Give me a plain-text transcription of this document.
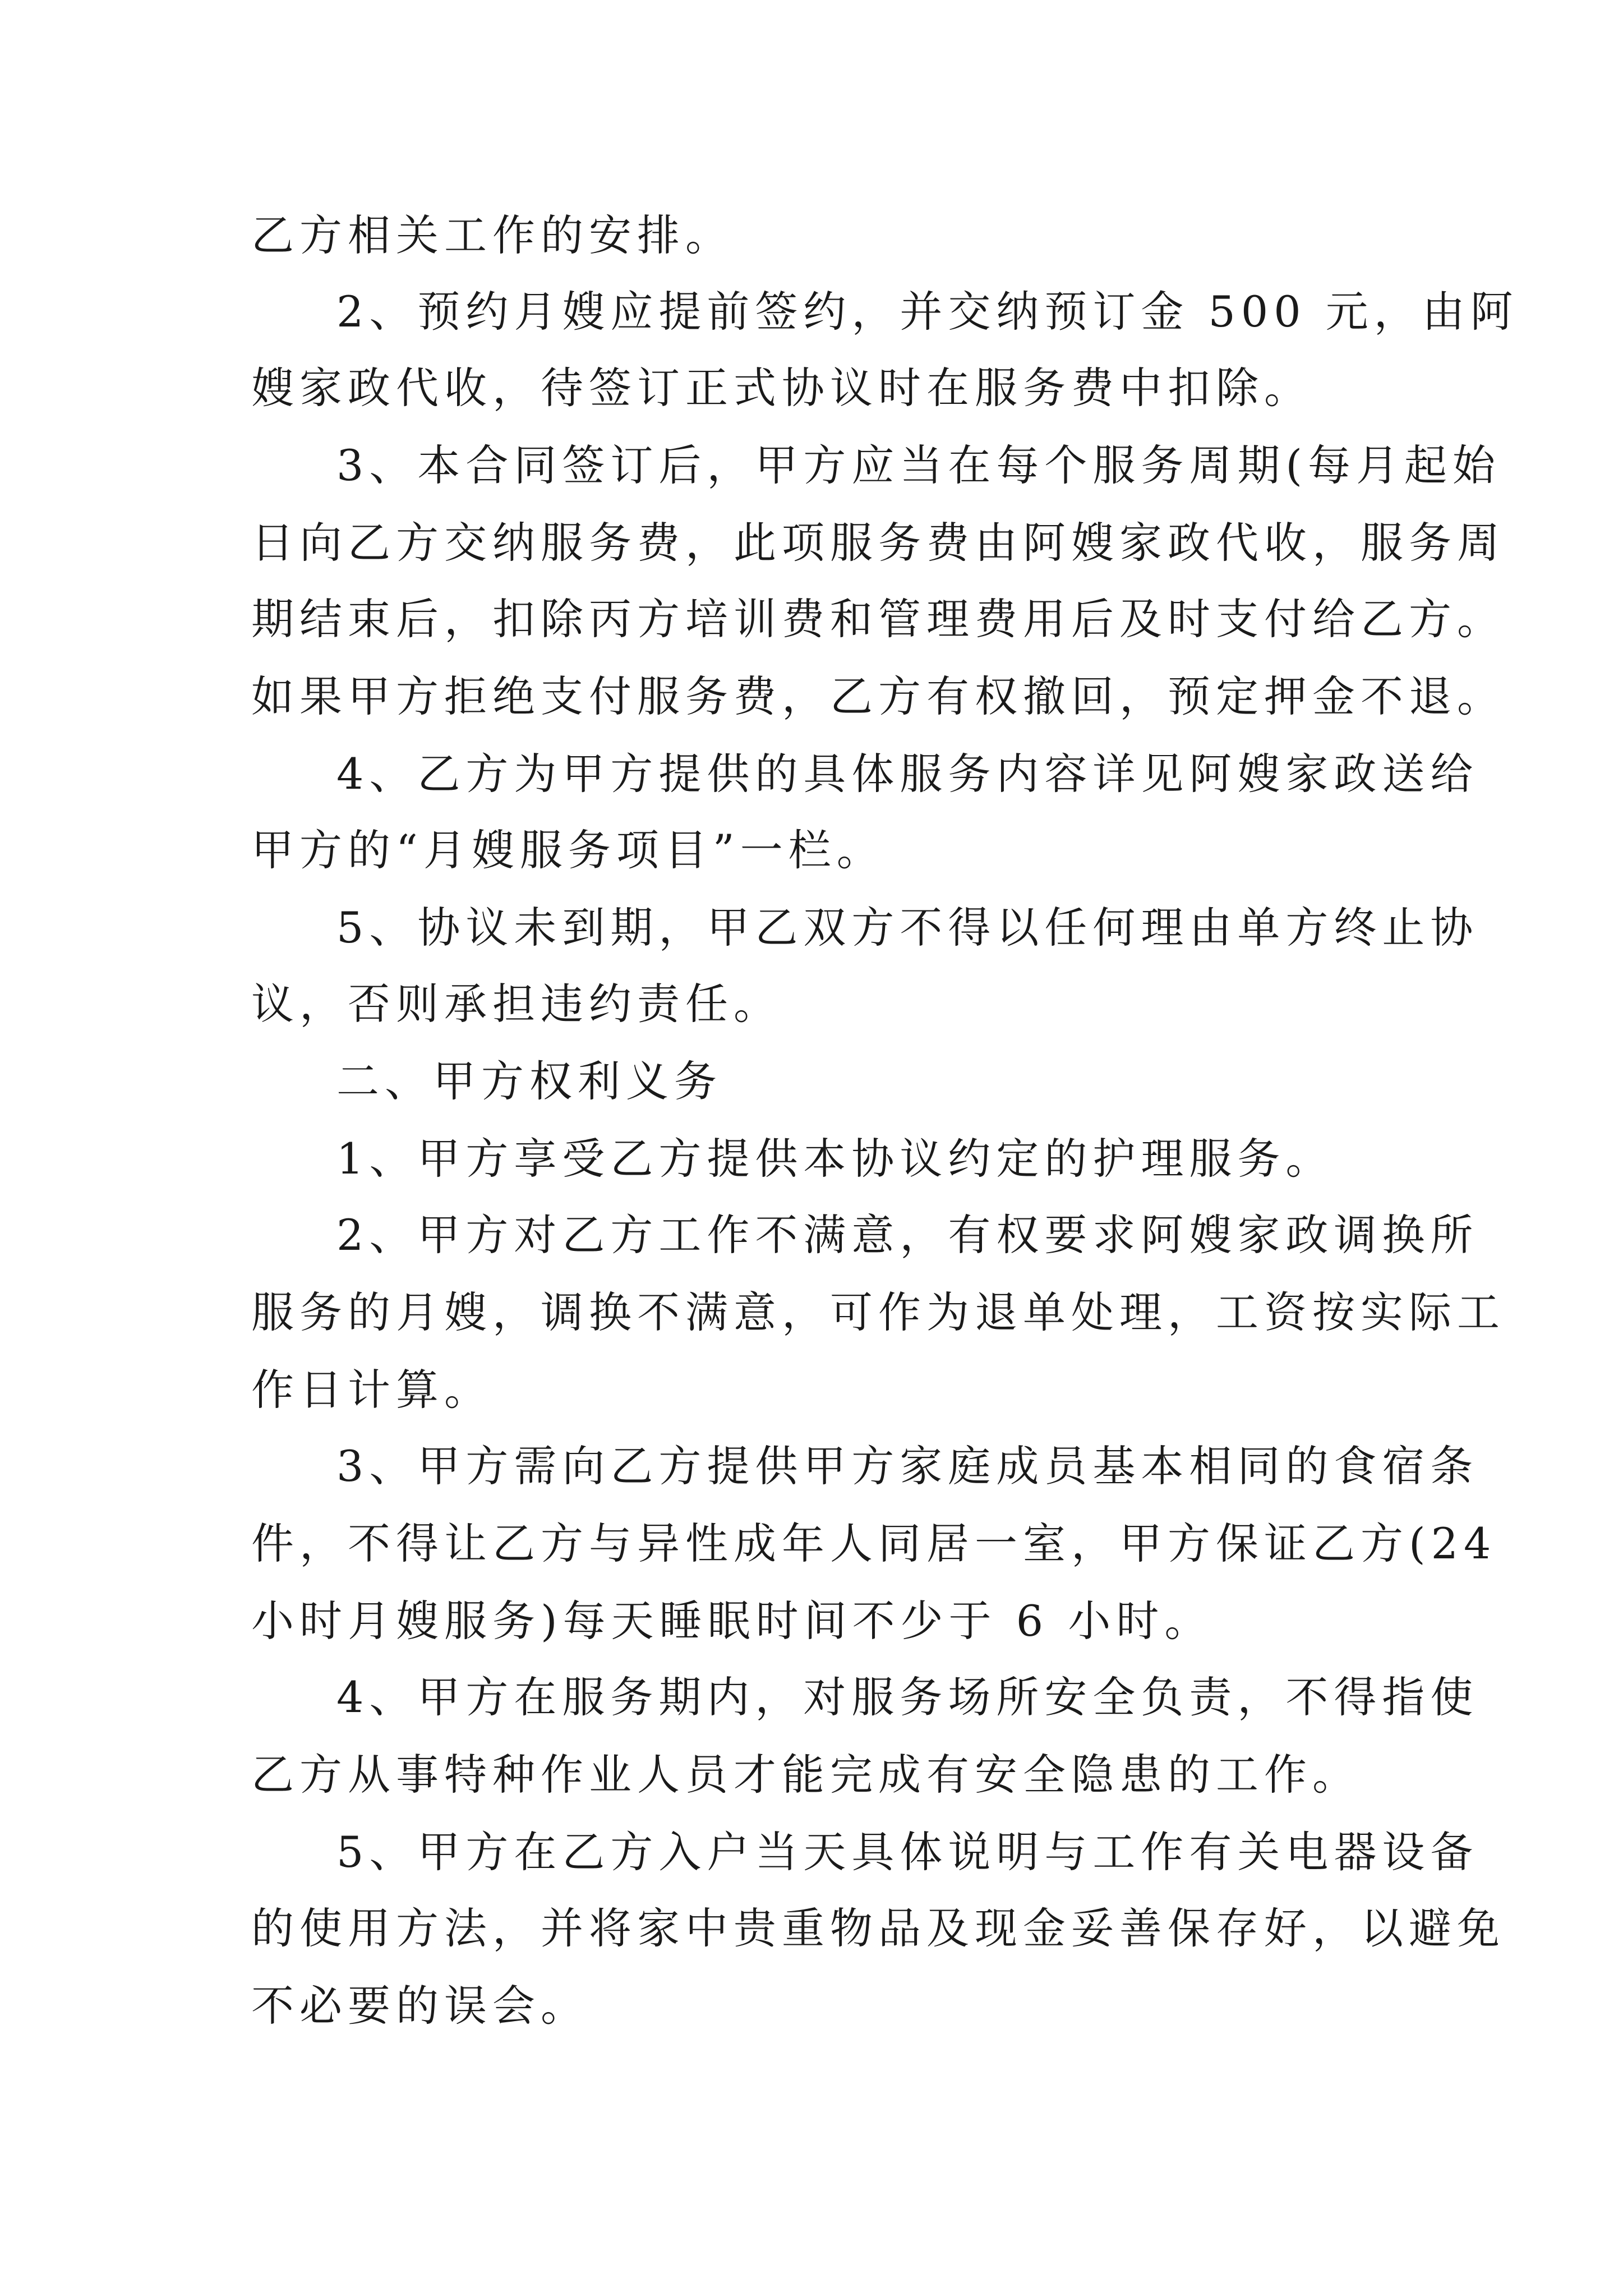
乙方相关工作的安排。

2、预约月嫂应提前签约，并交纳预订金 500 元，由阿

嫂家政代收，待签订正式协议时在服务费中扣除。

3、本合同签订后，甲方应当在每个服务周期(每月起始

日向乙方交纳服务费，此项服务费由阿嫂家政代收，服务周

期结束后，扣除丙方培训费和管理费用后及时支付给乙方。

如果甲方拒绝支付服务费，乙方有权撤回，预定押金不退。

4、乙方为甲方提供的具体服务内容详见阿嫂家政送给

甲方的“月嫂服务项目”一栏。

5、协议未到期，甲乙双方不得以任何理由单方终止协

议，否则承担违约责任。

二、甲方权利义务

1、甲方享受乙方提供本协议约定的护理服务。

2、甲方对乙方工作不满意，有权要求阿嫂家政调换所

服务的月嫂，调换不满意，可作为退单处理，工资按实际工

作日计算。

3、甲方需向乙方提供甲方家庭成员基本相同的食宿条

件，不得让乙方与异性成年人同居一室，甲方保证乙方(24

小时月嫂服务)每天睡眠时间不少于 6 小时。

4、甲方在服务期内，对服务场所安全负责，不得指使

乙方从事特种作业人员才能完成有安全隐患的工作。

5、甲方在乙方入户当天具体说明与工作有关电器设备

的使用方法，并将家中贵重物品及现金妥善保存好，以避免

不必要的误会。
